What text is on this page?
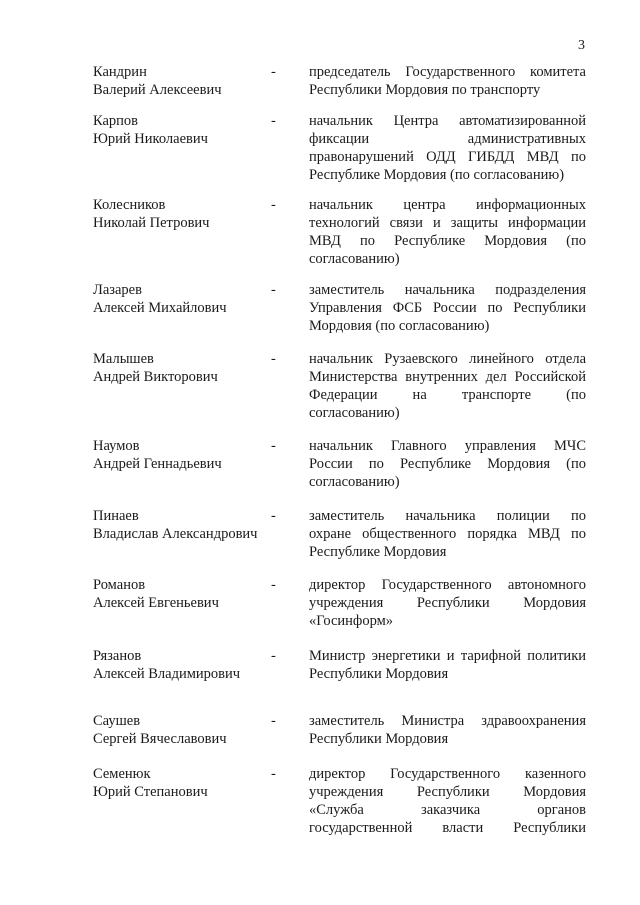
3
Кандрин
Валерий Алексеевич
- председатель Государственного комитета
Республики Мордовия по транспорту
Карпов
Юрий Николаевич
- начальник Центра автоматизированной
фиксации административных
правонарушений ОДД ГИБДД МВД по
Республике Мордовия (по согласованию)
Колесников
Николай Петрович
- начальник центра информационных
технологий связи и защиты информации
МВД по Республике Мордовия (по
согласованию)
Лазарев
Алексей Михайлович
- заместитель начальника подразделения
Управления ФСБ России по Республики
Мордовия (по согласованию)
Малышев
Андрей Викторович
- начальник Рузаевского линейного отдела
Министерства внутренних дел Российской
Федерации на транспорте (по
согласованию)
Наумов
Андрей Геннадьевич
- начальник Главного управления МЧС
России по Республике Мордовия (по
согласованию)
Пинаев
Владислав Александрович
- заместитель начальника полиции по
охране общественного порядка МВД по
Республике Мордовия
Романов
Алексей Евгеньевич
- директор Государственного автономного
учреждения Республики Мордовия
«Госинформ»
Рязанов
Алексей Владимирович
- Министр энергетики и тарифной политики
Республики Мордовия
Саушев
Сергей Вячеславович
- заместитель Министра здравоохранения
Республики Мордовия
Семенюк
Юрий Степанович
- директор Государственного казенного
учреждения Республики Мордовия
«Служба заказчика органов
государственной власти Республики
